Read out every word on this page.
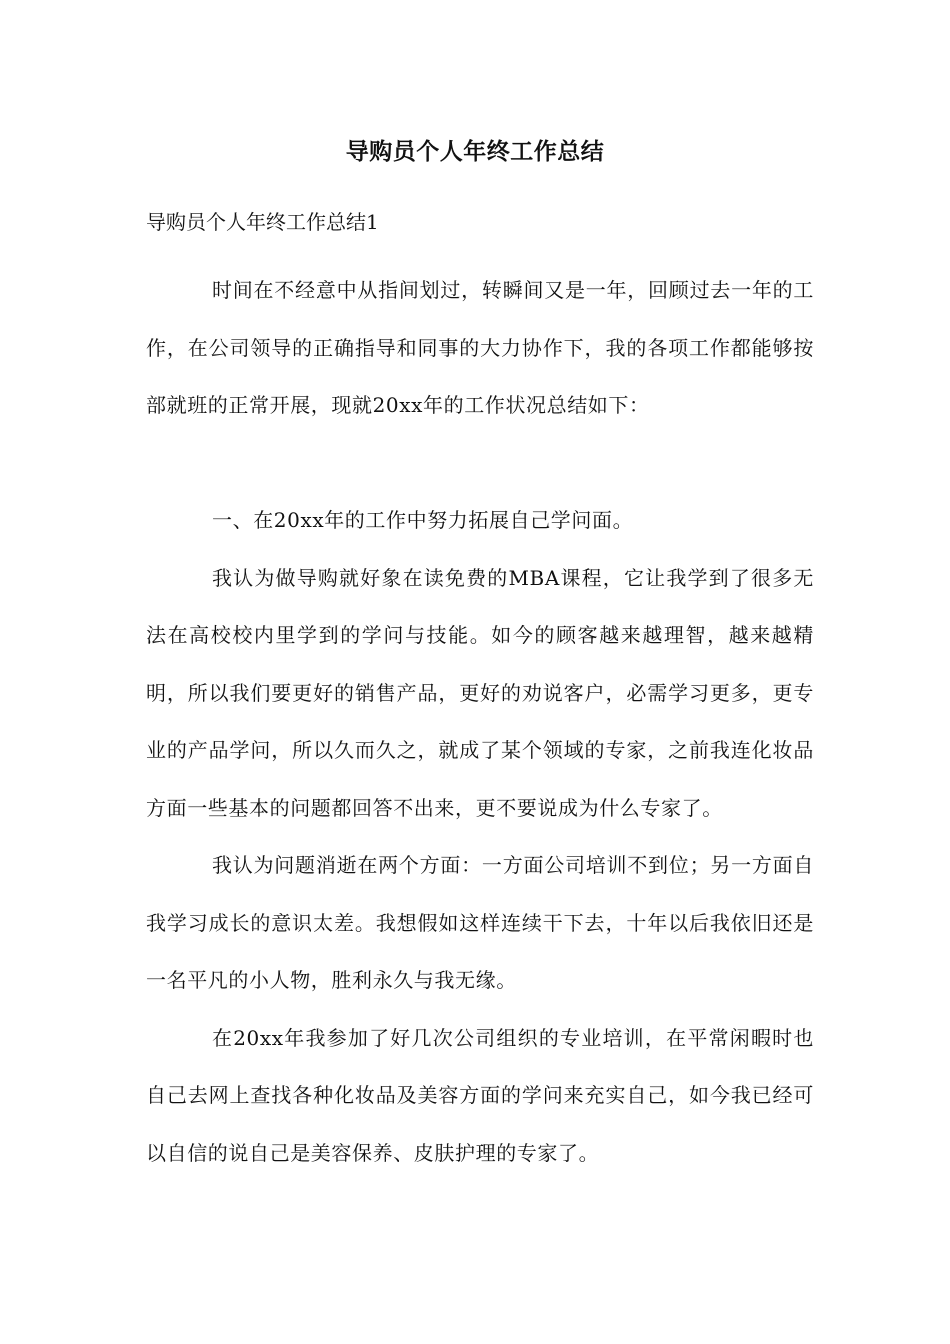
导购员个人年终工作总结
导购员个人年终工作总结1

时间在不经意中从指间划过，转瞬间又是一年，回顾过去一年的工作，在公司领导的正确指导和同事的大力协作下，我的各项工作都能够按部就班的正常开展，现就20xx年的工作状况总结如下：

一、在20xx年的工作中努力拓展自己学问面。

我认为做导购就好象在读免费的MBA课程，它让我学到了很多无法在高校校内里学到的学问与技能。如今的顾客越来越理智，越来越精明，所以我们要更好的销售产品，更好的劝说客户，必需学习更多，更专业的产品学问，所以久而久之，就成了某个领域的专家，之前我连化妆品方面一些基本的问题都回答不出来，更不要说成为什么专家了。

我认为问题消逝在两个方面：一方面公司培训不到位；另一方面自我学习成长的意识太差。我想假如这样连续干下去，十年以后我依旧还是一名平凡的小人物，胜利永久与我无缘。

在20xx年我参加了好几次公司组织的专业培训，在平常闲暇时也自己去网上查找各种化妆品及美容方面的学问来充实自己，如今我已经可以自信的说自己是美容保养、皮肤护理的专家了。
